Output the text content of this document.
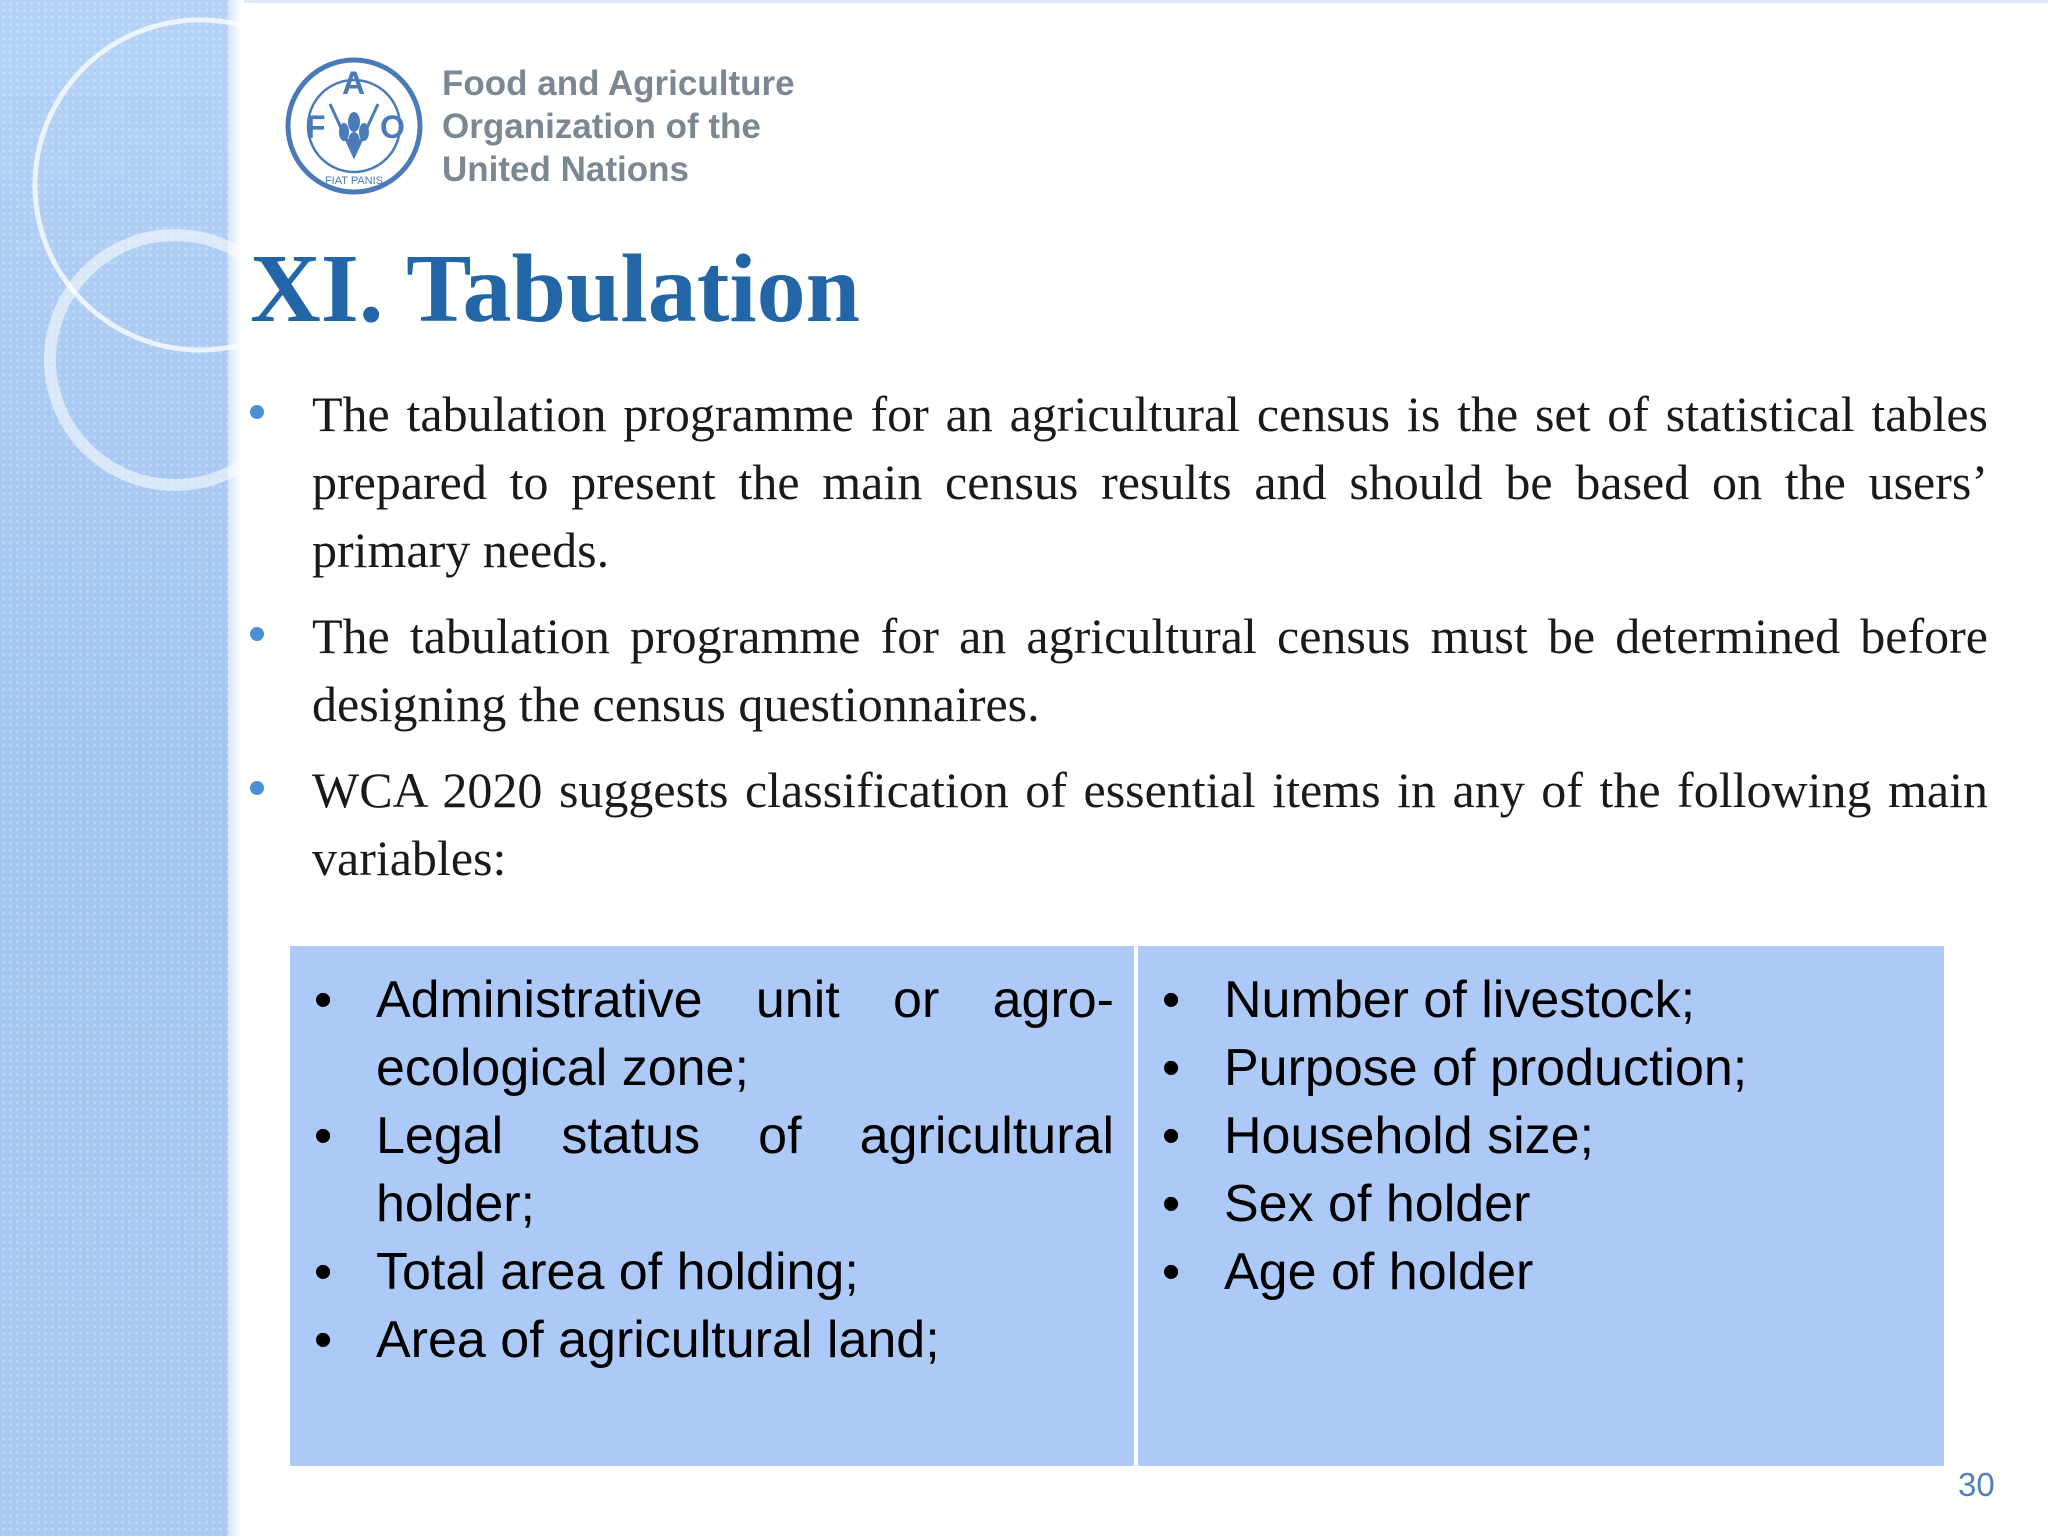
F
A
O
FIAT PANIS
Food and Agriculture
Organization of the
United Nations
XI. Tabulation
The tabulation programme for an agricultural census is the set of statistical tables prepared to present the main census results and should be based on the users’ primary needs.
The tabulation programme for an agricultural census must be determined before designing the census questionnaires.
WCA 2020 suggests classification of essential items in any of the following main variables:
• Administrative unit or agro-ecological zone;
• Legal status of agricultural holder;
• Total area of holding;
• Area of agricultural land;
• Number of livestock;
• Purpose of production;
• Household size;
• Sex of holder
• Age of holder
30
